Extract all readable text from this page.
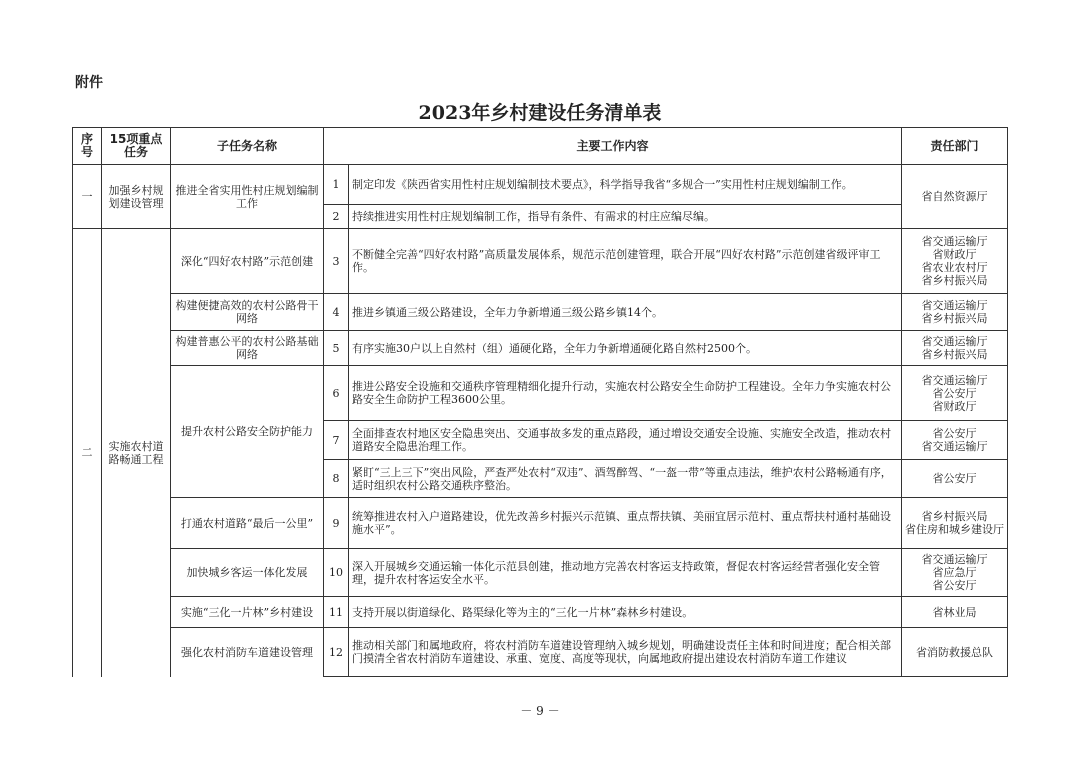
附件
2023年乡村建设任务清单表
序号	15项重点任务	子任务名称	主要工作内容		责任部门
一	加强乡村规划建设管理	推进全省实用性村庄规划编制工作	1	制定印发《陕西省实用性村庄规划编制技术要点》，科学指导我省“多规合一”实用性村庄规划编制工作。	省自然资源厅

			2	持续推进实用性村庄规划编制工作，指导有条件、有需求的村庄应编尽编。	
二	实施农村道路畅通工程	深化“四好农村路”示范创建	3	不断健全完善“四好农村路”高质量发展体系，规范示范创建管理，联合开展“四好农村路”示范创建省级评审工作。	省交通运输厅
省财政厅
省农业农村厅
省乡村振兴局

		构建便捷高效的农村公路骨干网络	4	推进乡镇通三级公路建设，全年力争新增通三级公路乡镇14个。	省交通运输厅
省乡村振兴局

		构建普惠公平的农村公路基础网络	5	有序实施30户以上自然村（组）通硬化路，全年力争新增通硬化路自然村2500个。	省交通运输厅
省乡村振兴局

		提升农村公路安全防护能力	6	推进公路安全设施和交通秩序管理精细化提升行动，实施农村公路安全生命防护工程建设。全年力争实施农村公路安全生命防护工程3600公里。	省交通运输厅
省公安厅
省财政厅

			7	全面排查农村地区安全隐患突出、交通事故多发的重点路段，通过增设交通安全设施、实施安全改造，推动农村道路安全隐患治理工作。	省公安厅
省交通运输厅

			8	紧盯“三上三下”突出风险，严查严处农村“双违”、酒驾醉驾、“一盔一带”等重点违法，维护农村公路畅通有序，适时组织农村公路交通秩序整治。	省公安厅

		打通农村道路“最后一公里”	9	统筹推进农村入户道路建设，优先改善乡村振兴示范镇、重点帮扶镇、美丽宜居示范村、重点帮扶村通村基础设施水平”。	省乡村振兴局
省住房和城乡建设厅

		加快城乡客运一体化发展	10	深入开展城乡交通运输一体化示范县创建，推动地方完善农村客运支持政策，督促农村客运经营者强化安全管理，提升农村客运安全水平。	省交通运输厅
省应急厅
省公安厅

		实施“三化一片林”乡村建设	11	支持开展以街道绿化、路渠绿化等为主的“三化一片林”森林乡村建设。	省林业局

		强化农村消防车道建设管理	12	推动相关部门和属地政府，将农村消防车道建设管理纳入城乡规划，明确建设责任主体和时间进度；配合相关部门摸清全省农村消防车道建设、承重、宽度、高度等现状，向属地政府提出建设农村消防车道工作建议	省消防救援总队
－ 9 －
